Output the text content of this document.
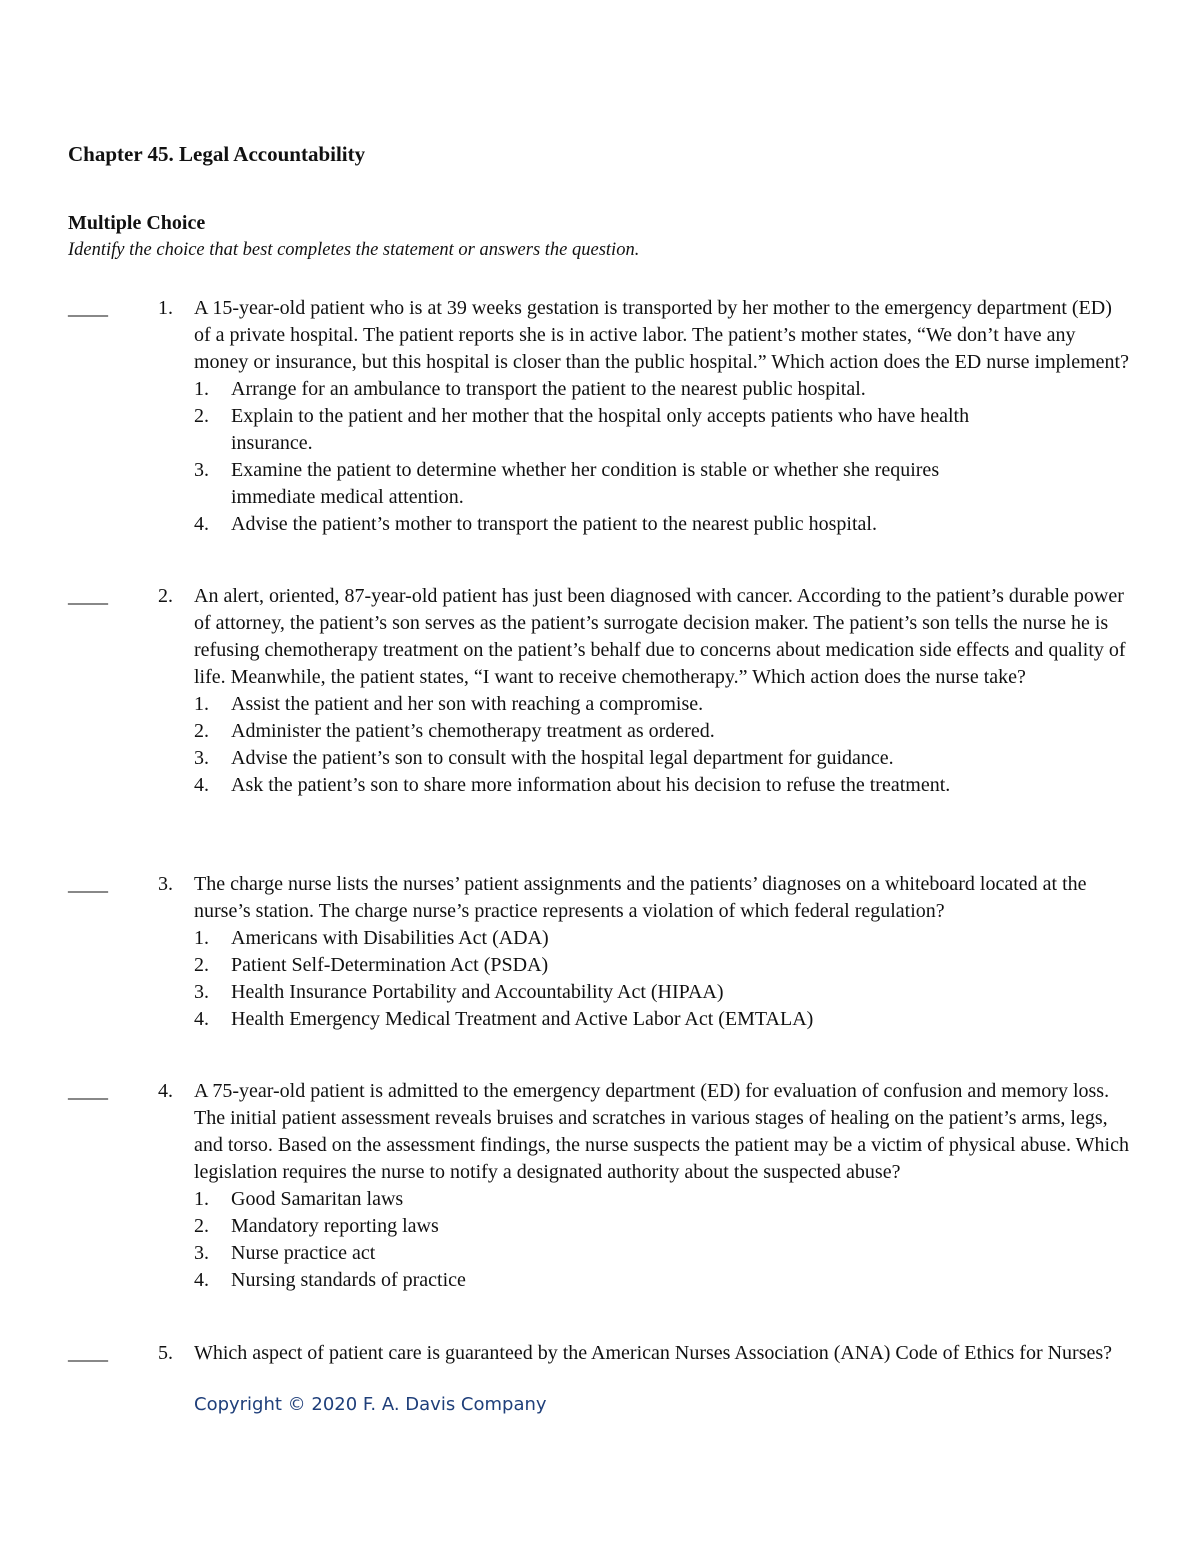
Chapter 45. Legal Accountability
Multiple Choice
Identify the choice that best completes the statement or answers the question.
____	1. A 15-year-old patient who is at 39 weeks gestation is transported by her mother to the emergency department (ED) of a private hospital. The patient reports she is in active labor. The patient’s mother states, “We don’t have any money or insurance, but this hospital is closer than the public hospital.” Which action does the ED nurse implement?
1. Arrange for an ambulance to transport the patient to the nearest public hospital.
2. Explain to the patient and her mother that the hospital only accepts patients who have health insurance.
3. Examine the patient to determine whether her condition is stable or whether she requires immediate medical attention.
4. Advise the patient’s mother to transport the patient to the nearest public hospital.
____	2. An alert, oriented, 87-year-old patient has just been diagnosed with cancer. According to the patient’s durable power of attorney, the patient’s son serves as the patient’s surrogate decision maker. The patient’s son tells the nurse he is refusing chemotherapy treatment on the patient’s behalf due to concerns about medication side effects and quality of life. Meanwhile, the patient states, “I want to receive chemotherapy.” Which action does the nurse take?
1. Assist the patient and her son with reaching a compromise.
2. Administer the patient’s chemotherapy treatment as ordered.
3. Advise the patient’s son to consult with the hospital legal department for guidance.
4. Ask the patient’s son to share more information about his decision to refuse the treatment.
____	3. The charge nurse lists the nurses’ patient assignments and the patients’ diagnoses on a whiteboard located at the nurse’s station. The charge nurse’s practice represents a violation of which federal regulation?
1. Americans with Disabilities Act (ADA)
2. Patient Self-Determination Act (PSDA)
3. Health Insurance Portability and Accountability Act (HIPAA)
4. Health Emergency Medical Treatment and Active Labor Act (EMTALA)
____	4. A 75-year-old patient is admitted to the emergency department (ED) for evaluation of confusion and memory loss. The initial patient assessment reveals bruises and scratches in various stages of healing on the patient’s arms, legs, and torso. Based on the assessment findings, the nurse suspects the patient may be a victim of physical abuse. Which legislation requires the nurse to notify a designated authority about the suspected abuse?
1. Good Samaritan laws
2. Mandatory reporting laws
3. Nurse practice act
4. Nursing standards of practice
____	5. Which aspect of patient care is guaranteed by the American Nurses Association (ANA) Code of Ethics for Nurses?
Copyright © 2020 F. A. Davis Company
